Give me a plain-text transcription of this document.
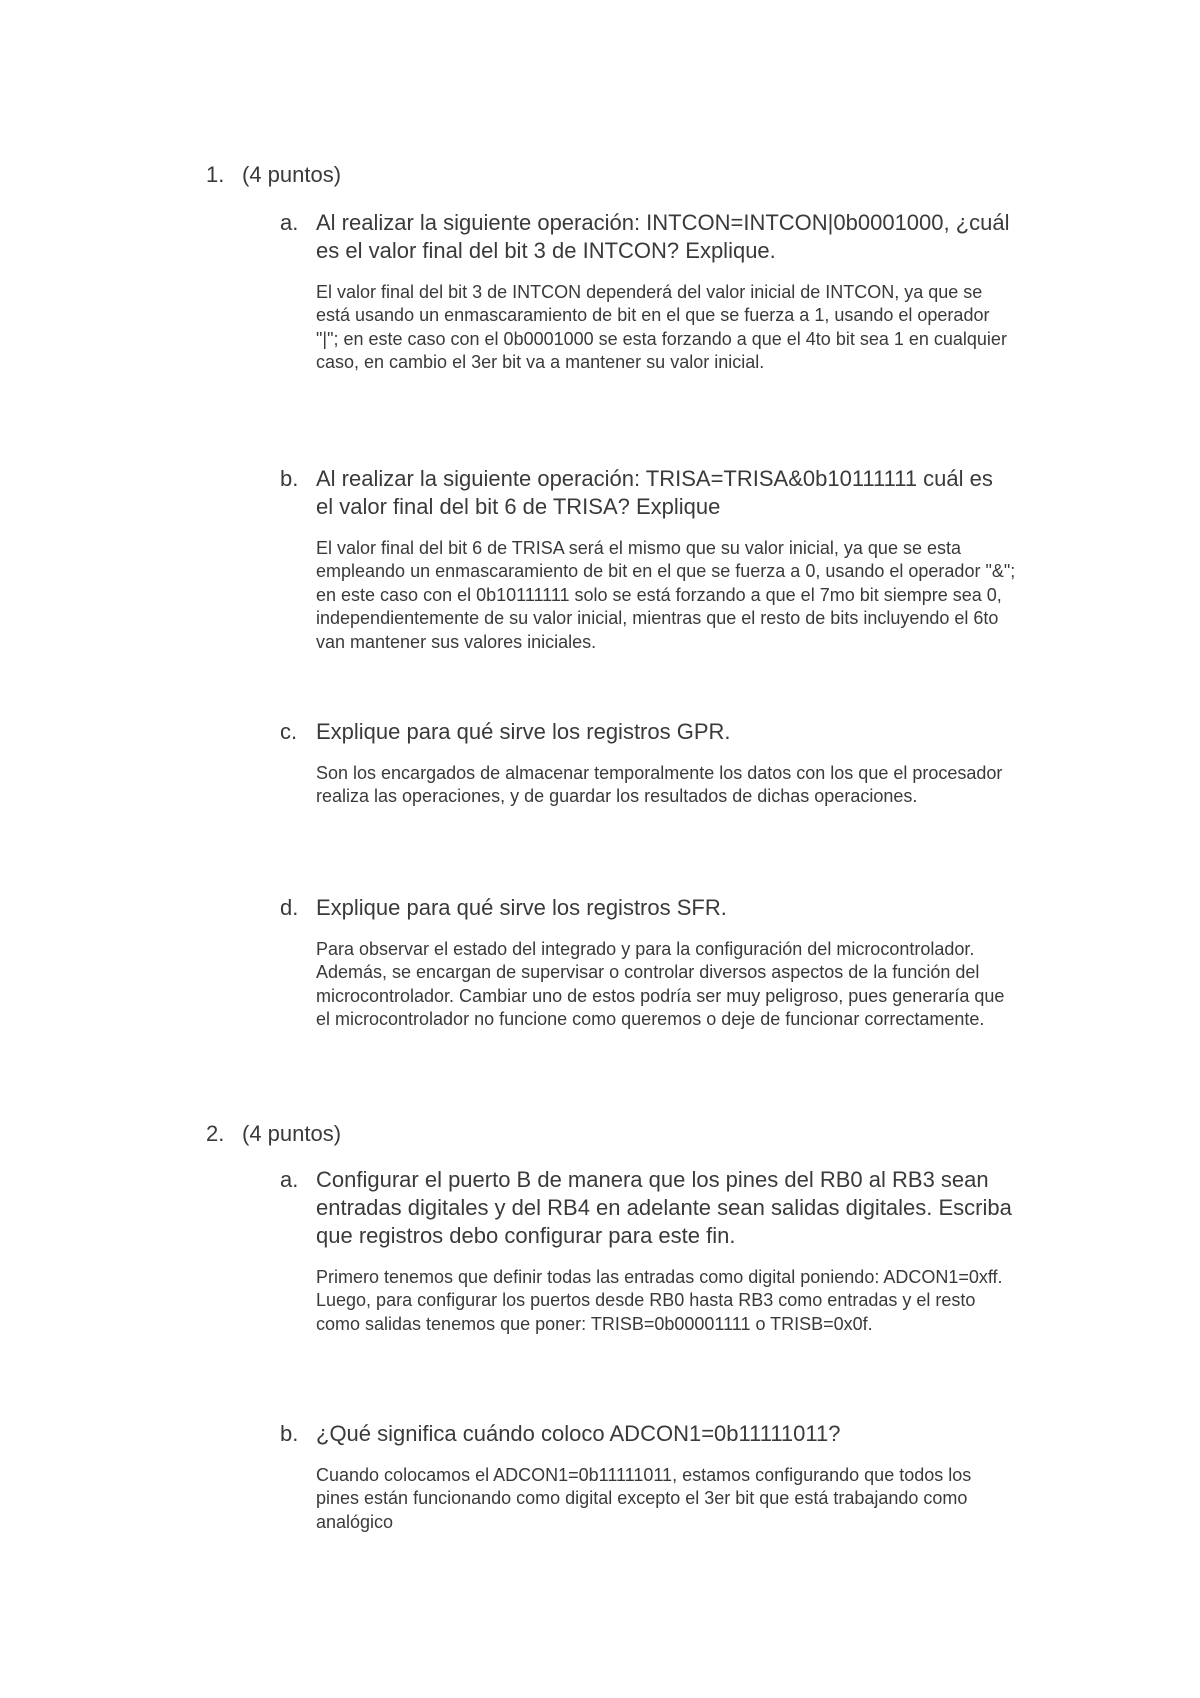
1. (4 puntos)
a. Al realizar la siguiente operación: INTCON=INTCON|0b0001000, ¿cuál es el valor final del bit 3 de INTCON? Explique.
El valor final del bit 3 de INTCON dependerá del valor inicial de INTCON, ya que se está usando un enmascaramiento de bit en el que se fuerza a 1, usando el operador "|"; en este caso con el 0b0001000 se esta forzando a que el 4to bit sea 1 en cualquier caso, en cambio el 3er bit va a mantener su valor inicial.
b. Al realizar la siguiente operación: TRISA=TRISA&0b10111111 cuál es el valor final del bit 6 de TRISA? Explique
El valor final del bit 6 de TRISA será el mismo que su valor inicial, ya que se esta empleando un enmascaramiento de bit en el que se fuerza a 0, usando el operador "&"; en este caso con el 0b10111111 solo se está forzando a que el 7mo bit siempre sea 0, independientemente de su valor inicial, mientras que el resto de bits incluyendo el 6to van mantener sus valores iniciales.
c. Explique para qué sirve los registros GPR.
Son los encargados de almacenar temporalmente los datos con los que el procesador realiza las operaciones, y de guardar los resultados de dichas operaciones.
d. Explique para qué sirve los registros SFR.
Para observar el estado del integrado y para la configuración del microcontrolador. Además, se encargan de supervisar o controlar diversos aspectos de la función del microcontrolador. Cambiar uno de estos podría ser muy peligroso, pues generaría que el microcontrolador no funcione como queremos o deje de funcionar correctamente.
2. (4 puntos)
a. Configurar el puerto B de manera que los pines del RB0 al RB3 sean entradas digitales y del RB4 en adelante sean salidas digitales. Escriba que registros debo configurar para este fin.
Primero tenemos que definir todas las entradas como digital poniendo: ADCON1=0xff. Luego, para configurar los puertos desde RB0 hasta RB3 como entradas y el resto como salidas tenemos que poner: TRISB=0b00001111 o TRISB=0x0f.
b. ¿Qué significa cuándo coloco ADCON1=0b11111011?
Cuando colocamos el ADCON1=0b11111011, estamos configurando que todos los pines están funcionando como digital excepto el 3er bit que está trabajando como analógico
